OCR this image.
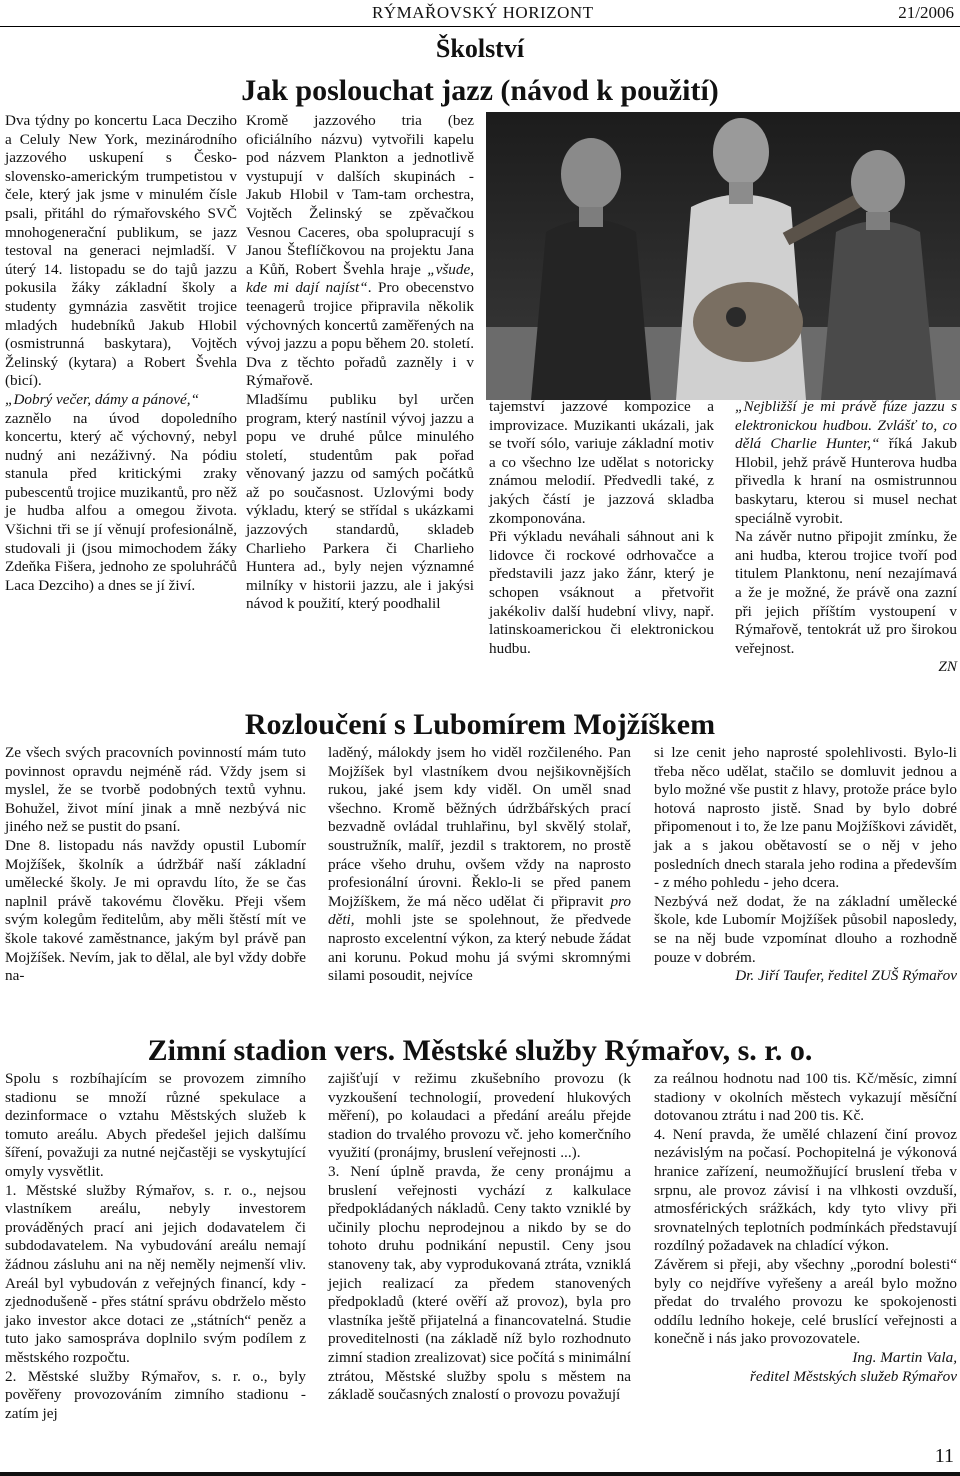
RÝMAŘOVSKÝ HORIZONT	21/2006
Školství
Jak poslouchat jazz (návod k použití)

Dva týdny po koncertu Laca Decziho a Celuly New York, mezinárodního jazzového uskupení s Česko-slovensko-americkým trumpetistou v čele, který jak jsme v minulém čísle psali, přitáhl do rýmařovského SVČ mnohogenerační publikum, se jazz testoval na generaci nejmladší. V úterý 14. listopadu se do tajů jazzu pokusila žáky základní školy a studenty gymnázia zasvětit trojice mladých hudebníků Jakub Hlobil (osmistrunná baskytara), Vojtěch Želinský (kytara) a Robert Švehla (bicí).

„Dobrý večer, dámy a pánové,“

zaznělo na úvod dopoledního koncertu, který ač výchovný, nebyl nudný ani nezáživný. Na pódiu stanula před kritickými zraky pubescentů trojice muzikantů, pro něž je hudba alfou a omegou života. Všichni tři se jí věnují profesionálně, studovali ji (jsou mimochodem žáky Zdeňka Fišera, jednoho ze spoluhráčů Laca Dezciho) a dnes se jí živí.

Kromě jazzového tria (bez oficiálního názvu) vytvořili kapelu pod názvem Plankton a jednotlivě vystupují v dalších skupinách - Jakub Hlobil v Tam-tam orchestra, Vojtěch Želinský se zpěvačkou Vesnou Caceres, oba spolupracují s Janou Šteflíčkovou na projektu Jana a Kůň, Robert Švehla hraje „všude, kde mi dají najíst“. Pro obecenstvo teenagerů trojice připravila několik výchovných koncertů zaměřených na vývoj jazzu a popu během 20. století. Dva z těchto pořadů zazněly i v Rýmařově.

Mladšímu publiku byl určen program, který nastínil vývoj jazzu a popu ve druhé půlce minulého století, studentům pak pořad věnovaný jazzu od samých počátků až po současnost. Uzlovými body výkladu, který se střídal s ukázkami jazzových standardů, skladeb Charlieho Parkera či Charlieho Huntera ad., byly nejen významné milníky v historii jazzu, ale i jakýsi návod k použití, který poodhalil

tajemství jazzové kompozice a improvizace. Muzikanti ukázali, jak se tvoří sólo, variuje základní motiv a co všechno lze udělat s notoricky známou melodií. Předvedli také, z jakých částí je jazzová skladba zkomponována.

Při výkladu neváhali sáhnout ani k lidovce či rockové odrhovačce a představili jazz jako žánr, který je schopen vsáknout a přetvořit jakékoliv další hudební vlivy, např. latinskoamerickou či elektronickou hudbu.

„Nejbližší je mi právě fúze jazzu s elektronickou hudbou. Zvlášť to, co dělá Charlie Hunter,“ říká Jakub Hlobil, jehž právě Hunterova hudba přivedla k hraní na osmistrunnou baskytaru, kterou si musel nechat speciálně vyrobit.

Na závěr nutno připojit zmínku, že ani hudba, kterou trojice tvoří pod titulem Planktonu, není nezajímavá a že je možné, že právě ona zazní při jejich příštím vystoupení v Rýmařově, tentokrát už pro širokou veřejnost.

ZN

Rozloučení s Lubomírem Mojžíškem

Ze všech svých pracovních povinností mám tuto povinnost opravdu nejméně rád. Vždy jsem si myslel, že se tvorbě podobných textů vyhnu. Bohužel, život míní jinak a mně nezbývá nic jiného než se pustit do psaní.

Dne 8. listopadu nás navždy opustil Lubomír Mojžíšek, školník a údržbář naší základní umělecké školy. Je mi opravdu líto, že se čas naplnil právě takovému člověku. Přeji všem svým kolegům ředitelům, aby měli štěstí mít ve škole takové zaměstnance, jakým byl právě pan Mojžíšek. Nevím, jak to dělal, ale byl vždy dobře na-

laděný, málokdy jsem ho viděl rozčileného. Pan Mojžíšek byl vlastníkem dvou nejšikovnějších rukou, jaké jsem kdy viděl. On uměl snad všechno. Kromě běžných údržbářských prací bezvadně ovládal truhlařinu, byl skvělý stolař, soustružník, malíř, jezdil s traktorem, no prostě práce všeho druhu, ovšem vždy na naprosto profesionální úrovni. Řeklo-li se před panem Mojžíškem, že má něco udělat či připravit pro děti, mohli jste se spolehnout, že předvede naprosto excelentní výkon, za který nebude žádat ani korunu. Pokud mohu já svými skromnými silami posoudit, nejvíce

si lze cenit jeho naprosté spolehlivosti. Bylo-li třeba něco udělat, stačilo se domluvit jednou a bylo možné vše pustit z hlavy, protože práce bylo hotová naprosto jistě. Snad by bylo dobré připomenout i to, že lze panu Mojžíškovi závidět, jak a s jakou obětavostí se o něj v jeho posledních dnech starala jeho rodina a především - z mého pohledu - jeho dcera.

Nezbývá než dodat, že na základní umělecké škole, kde Lubomír Mojžíšek působil naposledy, se na něj bude vzpomínat dlouho a rozhodně pouze v dobrém.

Dr. Jiří Taufer, ředitel ZUŠ Rýmařov

Zimní stadion vers. Městské služby Rýmařov, s. r. o.

Spolu s rozbíhajícím se provozem zimního stadionu se množí různé spekulace a dezinformace o vztahu Městských služeb k tomuto areálu. Abych předešel jejich dalšímu šíření, považuji za nutné nejčastěji se vyskytující omyly vysvětlit.

1. Městské služby Rýmařov, s. r. o., nejsou vlastníkem areálu, nebyly investorem prováděných prací ani jejich dodavatelem či subdodavatelem. Na vybudování areálu nemají žádnou zásluhu ani na něj neměly nejmenší vliv. Areál byl vybudován z veřejných financí, kdy - zjednodušeně - přes státní správu obdrželo město jako investor akce dotaci ze „státních“ peněz a tuto jako samospráva doplnilo svým podílem z městského rozpočtu.

2. Městské služby Rýmařov, s. r. o., byly pověřeny provozováním zimního stadionu - zatím jej

zajišťují v režimu zkušebního provozu (k vyzkoušení technologií, provedení hlukových měření), po kolaudaci a předání areálu přejde stadion do trvalého provozu vč. jeho komerčního využití (pronájmy, bruslení veřejnosti ...).

3. Není úplně pravda, že ceny pronájmu a bruslení veřejnosti vychází z kalkulace předpokládaných nákladů. Ceny takto vzniklé by učinily plochu neprodejnou a nikdo by se do tohoto druhu podnikání nepustil. Ceny jsou stanoveny tak, aby vyprodukovaná ztráta, vzniklá jejich realizací za předem stanovených předpokladů (které ověří až provoz), byla pro vlastníka ještě přijatelná a financovatelná. Studie proveditelnosti (na základě níž bylo rozhodnuto zimní stadion zrealizovat) sice počítá s minimální ztrátou, Městské služby spolu s městem na základě současných znalostí o provozu považují

za reálnou hodnotu nad 100 tis. Kč/měsíc, zimní stadiony v okolních městech vykazují měsíční dotovanou ztrátu i nad 200 tis. Kč.

4. Není pravda, že umělé chlazení činí provoz nezávislým na počasí. Pochopitelná je výkonová hranice zařízení, neumožňující bruslení třeba v srpnu, ale provoz závisí i na vlhkosti ovzduší, atmosférických srážkách, kdy tyto vlivy při srovnatelných teplotních podmínkách představují rozdílný požadavek na chladící výkon.

Závěrem si přeji, aby všechny „porodní bolesti“ byly co nejdříve vyřešeny a areál bylo možno předat do trvalého provozu ke spokojenosti oddílu ledního hokeje, celé bruslící veřejnosti a konečně i nás jako provozovatele.

Ing. Martin Vala,

ředitel Městských služeb Rýmařov

11
